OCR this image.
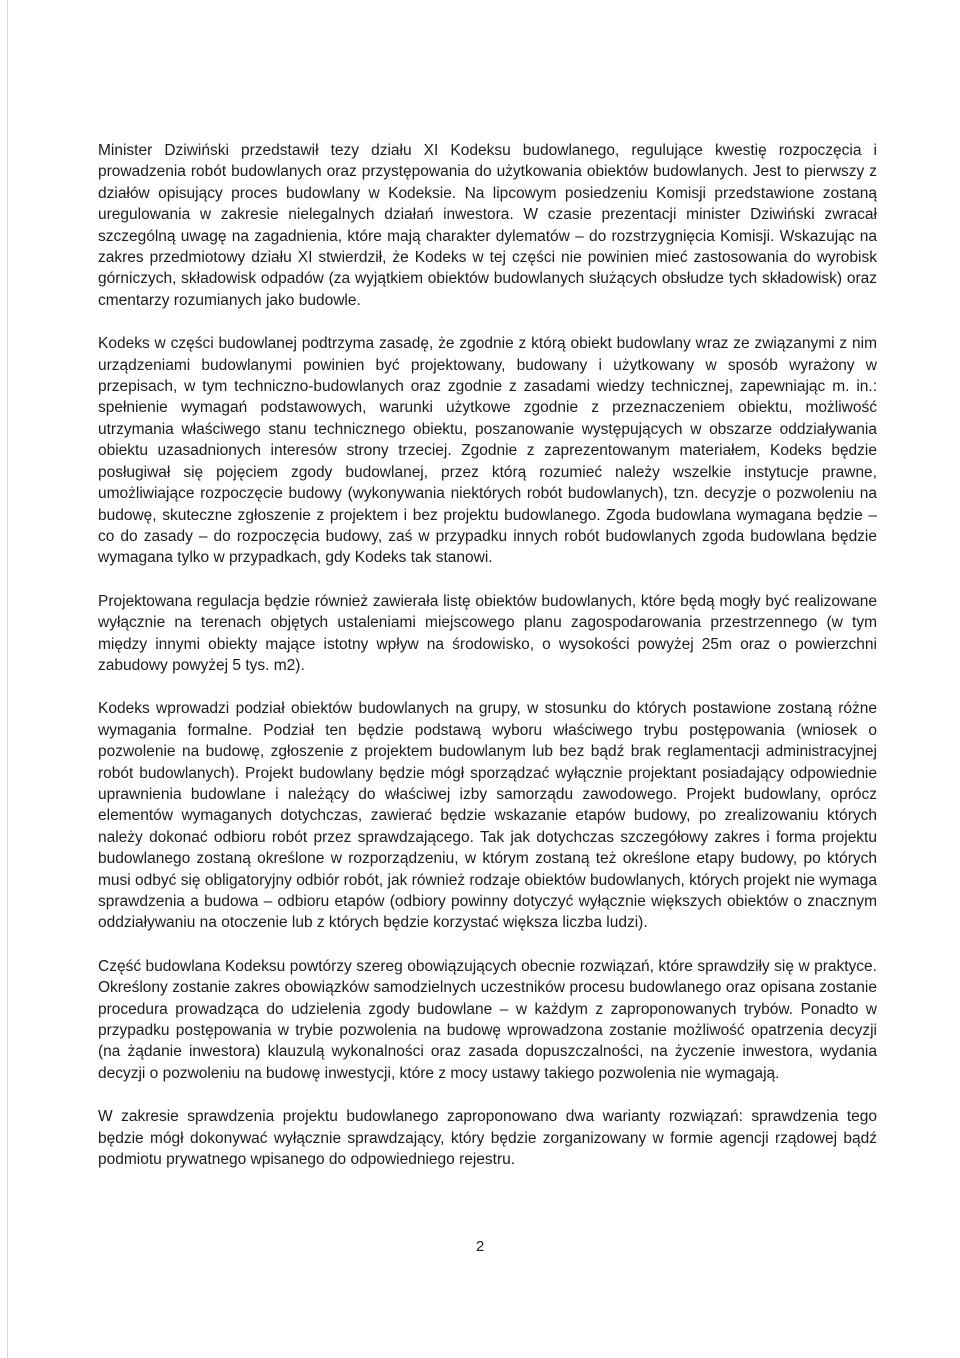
Minister Dziwiński przedstawił tezy działu XI Kodeksu budowlanego, regulujące kwestię rozpoczęcia i prowadzenia robót budowlanych oraz przystępowania do użytkowania obiektów budowlanych. Jest to pierwszy z działów opisujący proces budowlany w Kodeksie. Na lipcowym posiedzeniu Komisji przedstawione zostaną uregulowania w zakresie nielegalnych działań inwestora. W czasie prezentacji minister Dziwiński zwracał szczególną uwagę na zagadnienia, które mają charakter dylematów – do rozstrzygnięcia Komisji. Wskazując na zakres przedmiotowy działu XI stwierdził, że Kodeks w tej części nie powinien mieć zastosowania do wyrobisk górniczych, składowisk odpadów (za wyjątkiem obiektów budowlanych służących obsłudze tych składowisk) oraz cmentarzy rozumianych jako budowle.

Kodeks w części budowlanej podtrzyma zasadę, że zgodnie z którą obiekt budowlany wraz ze związanymi z nim urządzeniami budowlanymi powinien być projektowany, budowany i użytkowany w sposób wyrażony w przepisach, w tym techniczno-budowlanych oraz zgodnie z zasadami wiedzy technicznej, zapewniając m. in.: spełnienie wymagań podstawowych, warunki użytkowe zgodnie z przeznaczeniem obiektu, możliwość utrzymania właściwego stanu technicznego obiektu, poszanowanie występujących w obszarze oddziaływania obiektu uzasadnionych interesów strony trzeciej. Zgodnie z zaprezentowanym materiałem, Kodeks będzie posługiwał się pojęciem zgody budowlanej, przez którą rozumieć należy wszelkie instytucje prawne, umożliwiające rozpoczęcie budowy (wykonywania niektórych robót budowlanych), tzn. decyzje o pozwoleniu na budowę, skuteczne zgłoszenie z projektem i bez projektu budowlanego. Zgoda budowlana wymagana będzie – co do zasady – do rozpoczęcia budowy, zaś w przypadku innych robót budowlanych zgoda budowlana będzie wymagana tylko w przypadkach, gdy Kodeks tak stanowi.

Projektowana regulacja będzie również zawierała listę obiektów budowlanych, które będą mogły być realizowane wyłącznie na terenach objętych ustaleniami miejscowego planu zagospodarowania przestrzennego (w tym między innymi obiekty mające istotny wpływ na środowisko, o wysokości powyżej 25m oraz o powierzchni zabudowy powyżej 5 tys. m2).

Kodeks wprowadzi podział obiektów budowlanych na grupy, w stosunku do których postawione zostaną różne wymagania formalne. Podział ten będzie podstawą wyboru właściwego trybu postępowania (wniosek o pozwolenie na budowę, zgłoszenie z projektem budowlanym lub bez bądź brak reglamentacji administracyjnej robót budowlanych). Projekt budowlany będzie mógł sporządzać wyłącznie projektant posiadający odpowiednie uprawnienia budowlane i należący do właściwej izby samorządu zawodowego. Projekt budowlany, oprócz elementów wymaganych dotychczas, zawierać będzie wskazanie etapów budowy, po zrealizowaniu których należy dokonać odbioru robót przez sprawdzającego. Tak jak dotychczas szczegółowy zakres i forma projektu budowlanego zostaną określone w rozporządzeniu, w którym zostaną też określone etapy budowy, po których musi odbyć się obligatoryjny odbiór robót, jak również rodzaje obiektów budowlanych, których projekt nie wymaga sprawdzenia a budowa – odbioru etapów (odbiory powinny dotyczyć wyłącznie większych obiektów o znacznym oddziaływaniu na otoczenie lub z których będzie korzystać większa liczba ludzi).

Część budowlana Kodeksu powtórzy szereg obowiązujących obecnie rozwiązań, które sprawdziły się w praktyce. Określony zostanie zakres obowiązków samodzielnych uczestników procesu budowlanego oraz opisana zostanie procedura prowadząca do udzielenia zgody budowlane – w każdym z zaproponowanych trybów. Ponadto w przypadku postępowania w trybie pozwolenia na budowę wprowadzona zostanie możliwość opatrzenia decyzji (na żądanie inwestora) klauzulą wykonalności oraz zasada dopuszczalności, na życzenie inwestora, wydania decyzji o pozwoleniu na budowę inwestycji, które z mocy ustawy takiego pozwolenia nie wymagają.

W zakresie sprawdzenia projektu budowlanego zaproponowano dwa warianty rozwiązań: sprawdzenia tego będzie mógł dokonywać wyłącznie sprawdzający, który będzie zorganizowany w formie agencji rządowej bądź podmiotu prywatnego wpisanego do odpowiedniego rejestru.

2
